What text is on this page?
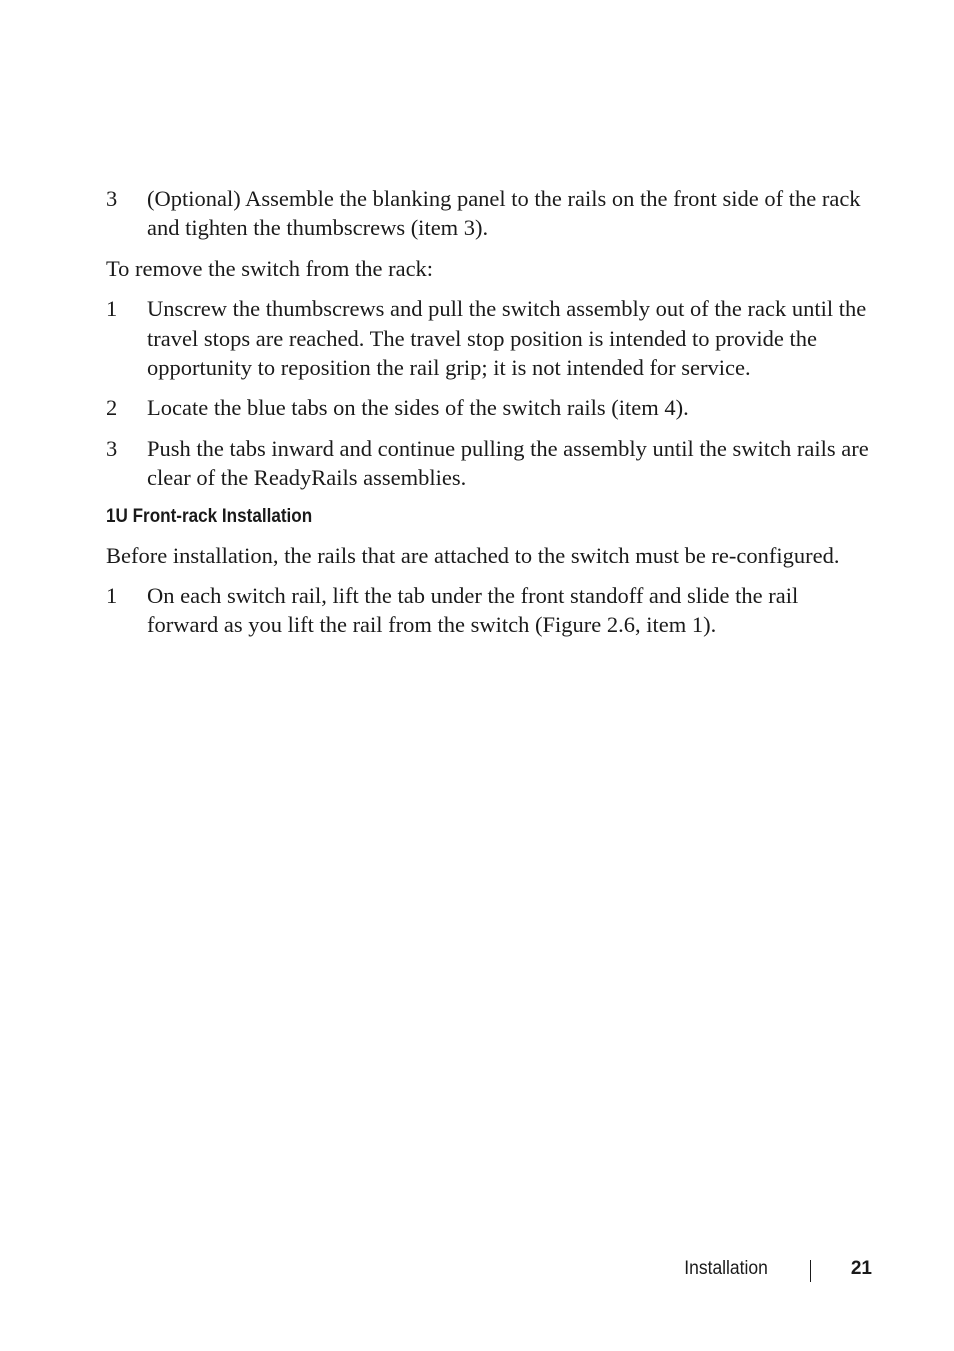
3	(Optional) Assemble the blanking panel to the rails on the front side of the rack and tighten the thumbscrews (item 3).

To remove the switch from the rack:

1	Unscrew the thumbscrews and pull the switch assembly out of the rack until the travel stops are reached. The travel stop position is intended to provide the opportunity to reposition the rail grip; it is not intended for service.
2	Locate the blue tabs on the sides of the switch rails (item 4).
3	Push the tabs inward and continue pulling the assembly until the switch rails are clear of the ReadyRails assemblies.
1U Front-rack Installation

Before installation, the rails that are attached to the switch must be re-configured.

1	On each switch rail, lift the tab under the front standoff and slide the rail forward as you lift the rail from the switch (Figure 2.6, item 1).
Installation	21
